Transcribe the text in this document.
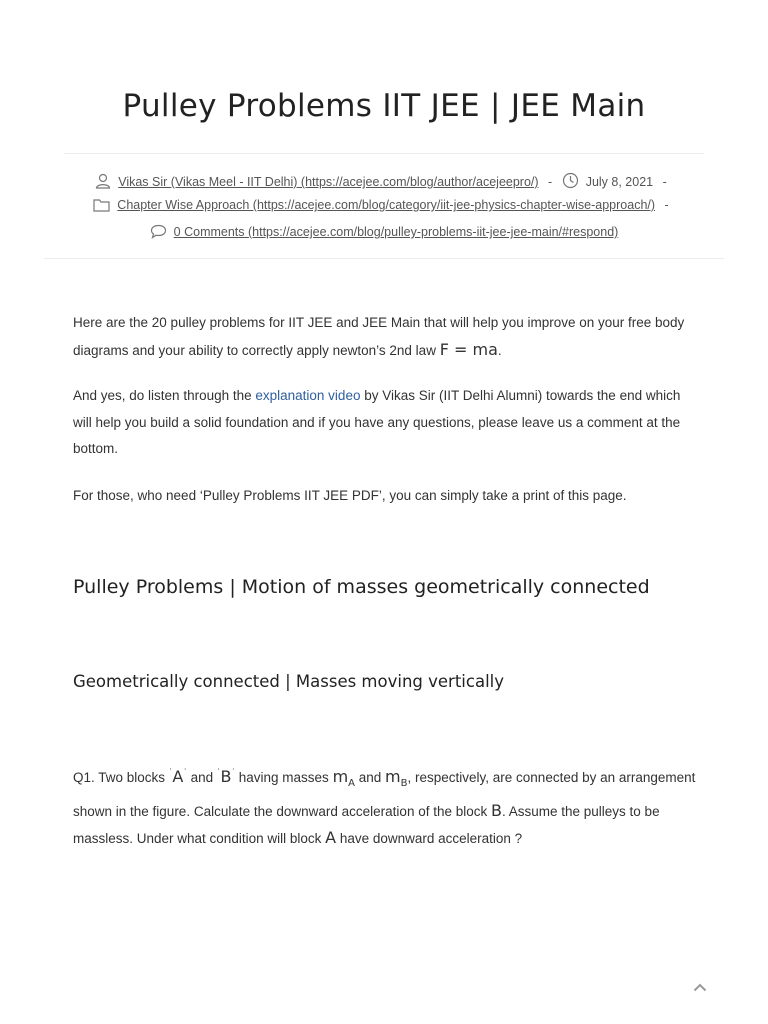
Pulley Problems IIT JEE | JEE Main
Vikas Sir (Vikas Meel - IIT Delhi) (https://acejee.com/blog/author/acejeepro/) -	July 8, 2021 -
Chapter Wise Approach (https://acejee.com/blog/category/iit-jee-physics-chapter-wise-approach/) -
0 Comments (https://acejee.com/blog/pulley-problems-iit-jee-jee-main/#respond)

Here are the 20 pulley problems for IIT JEE and JEE Main that will help you improve on your free body diagrams and your ability to correctly apply newton’s 2nd law F = ma.

And yes, do listen through the explanation video by Vikas Sir (IIT Delhi Alumni) towards the end which will help you build a solid foundation and if you have any questions, please leave us a comment at the bottom.

For those, who need ‘Pulley Problems IIT JEE PDF’, you can simply take a print of this page.

Pulley Problems | Motion of masses geometrically connected
Geometrically connected | Masses moving vertically

Q1. Two blocks ‘A‘ and ‘B‘ having masses $m_A$ and $m_B$, respectively, are connected by an arrangement shown in the figure. Calculate the downward acceleration of the block B. Assume the pulleys to be massless. Under what condition will block A have downward acceleration ?
